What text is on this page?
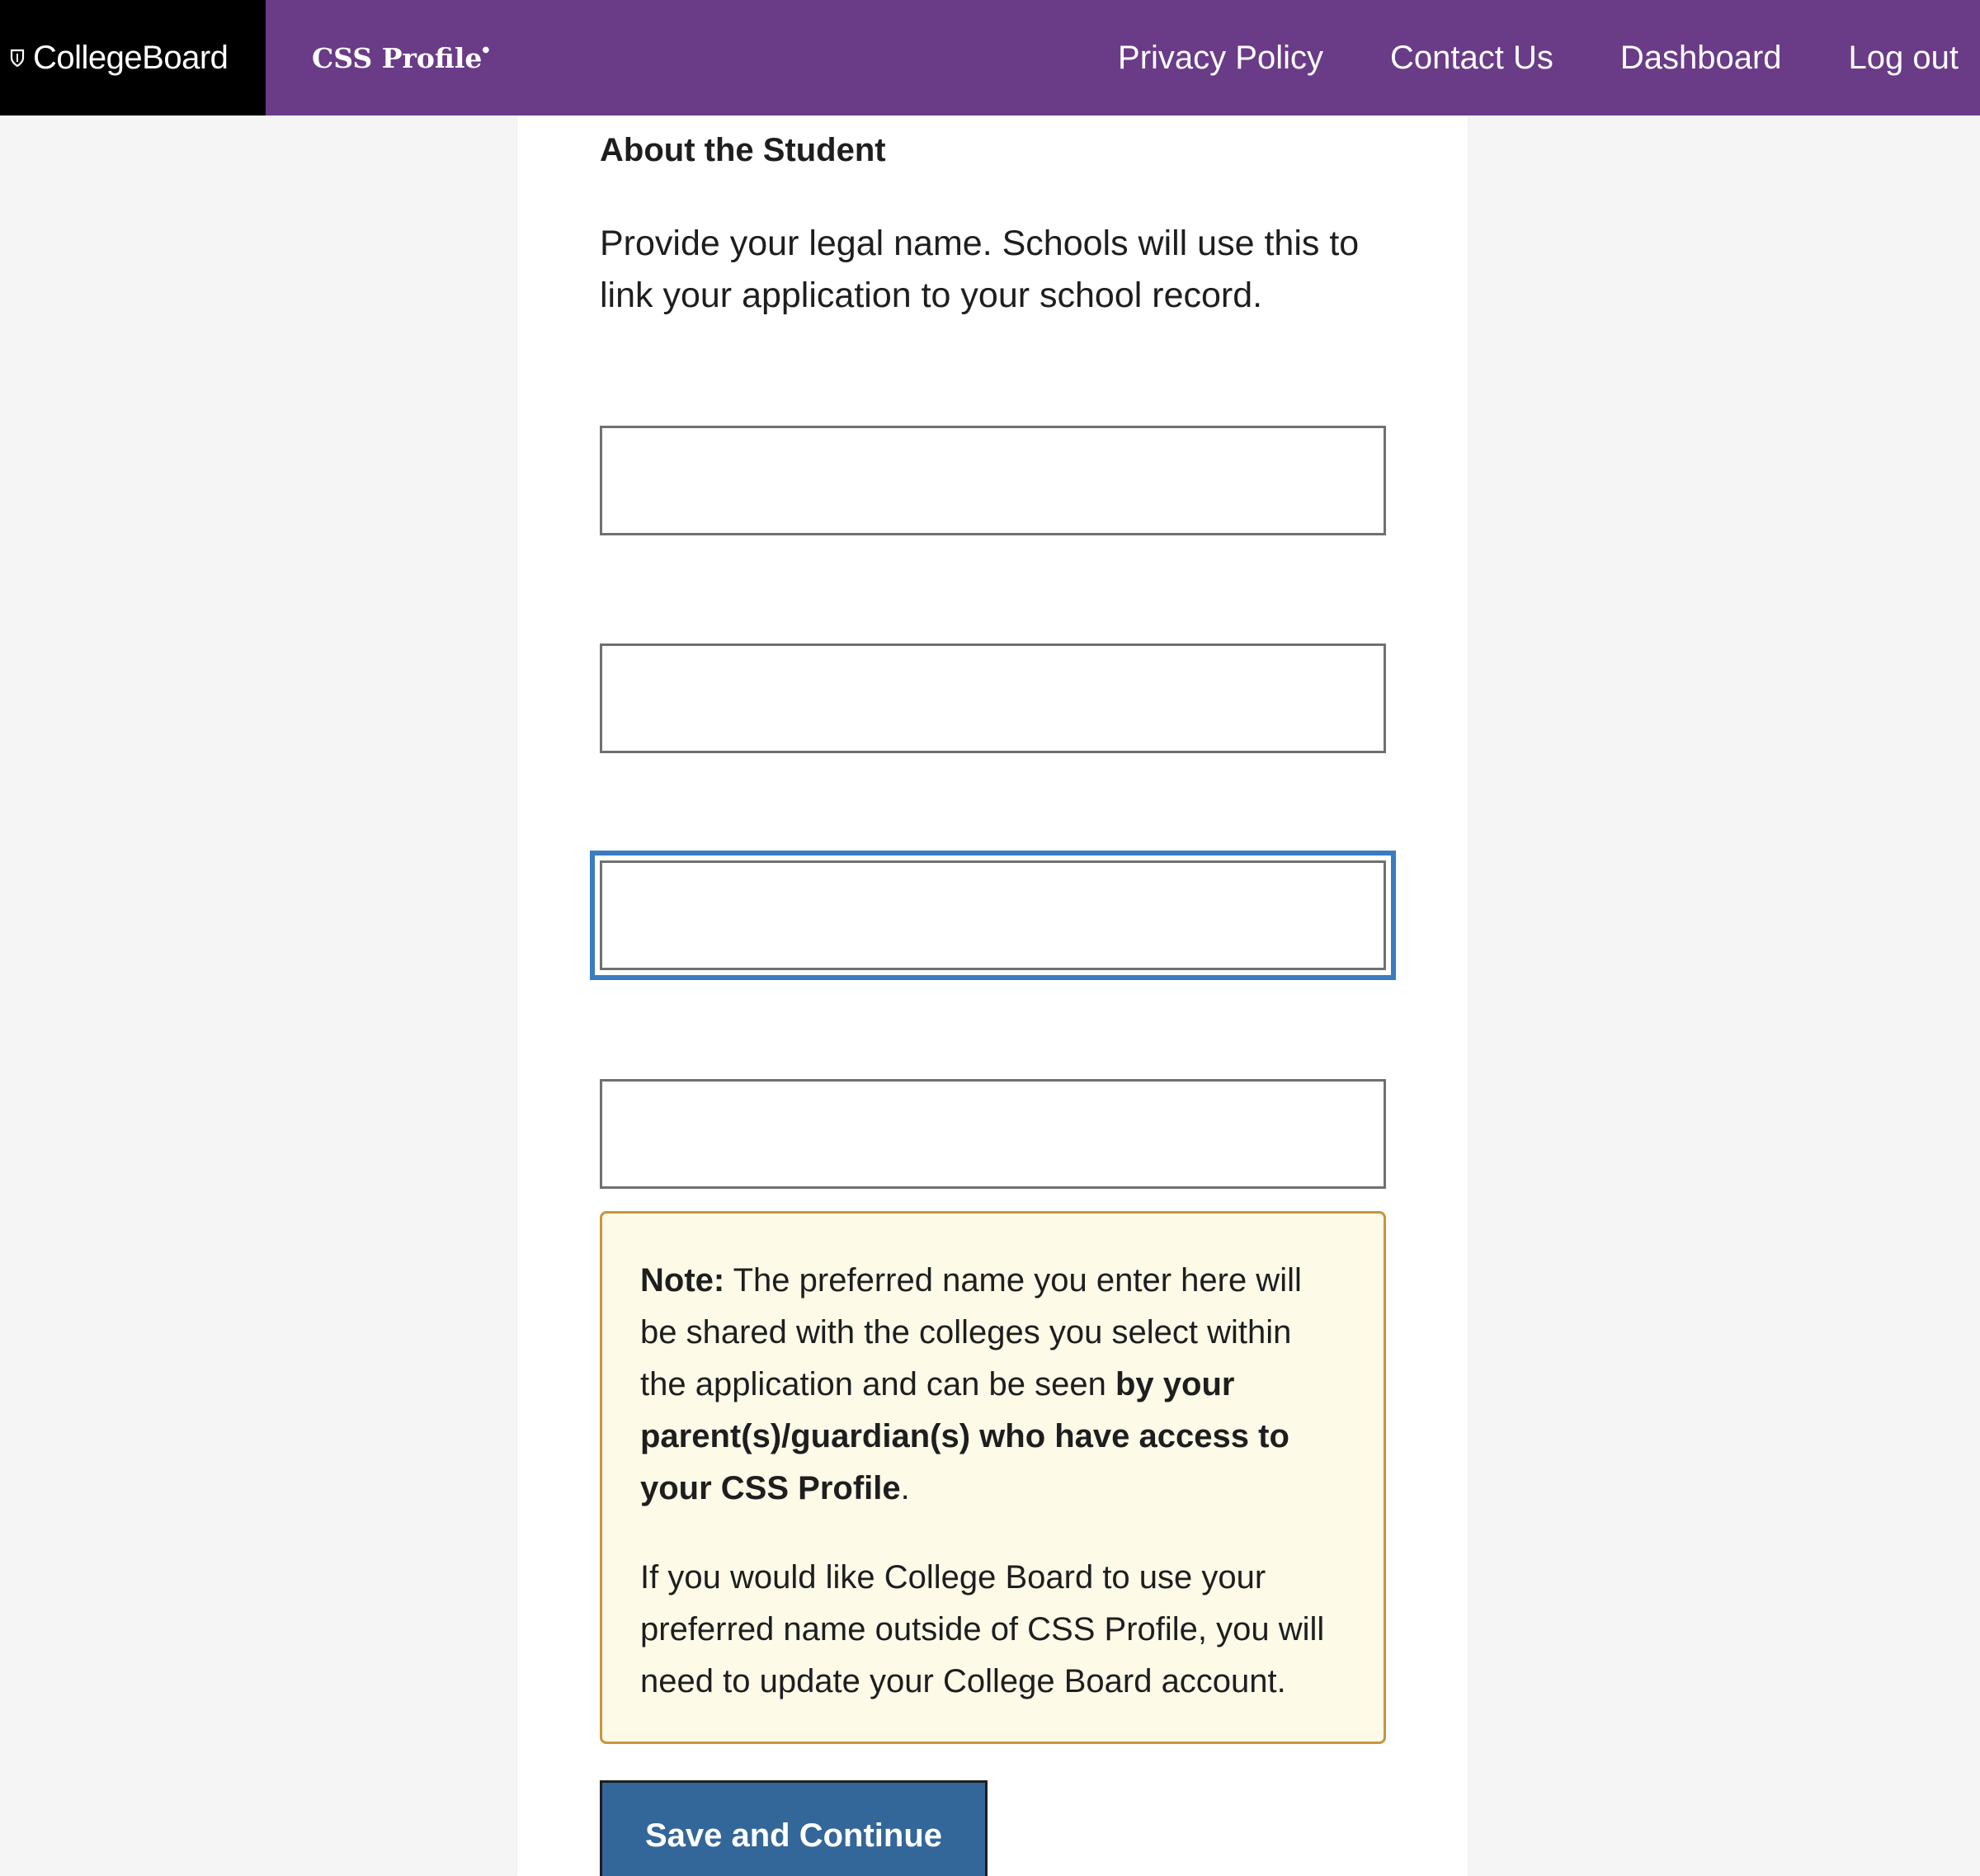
CollegeBoard	CSS Profile●	Privacy Policy Contact Us Dashboard Log out
About the Student

Provide your legal name. Schools will use this to link your application to your school record.

Note: The preferred name you enter here will be shared with the colleges you select within the application and can be seen by your parent(s)/guardian(s) who have access to your CSS Profile.

If you would like College Board to use your preferred name outside of CSS Profile, you will need to update your College Board account.

Save and Continue
